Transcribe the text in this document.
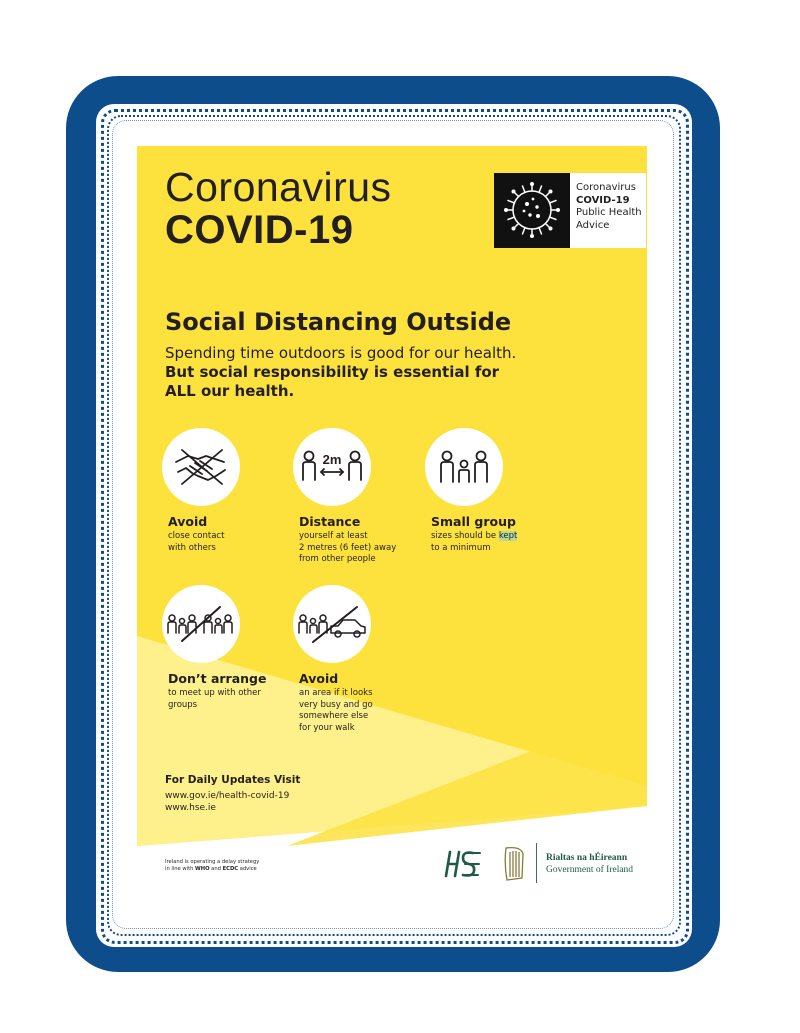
Coronavirus
COVID-19
Coronavirus
COVID-19
Public Health
Advice
Social Distancing Outside
Spending time outdoors is good for our health.
But social responsibility is essential for
ALL our health.
Avoid
close contact
with others
2m
Distance
yourself at least
2 metres (6 feet) away
from other people
Small group
sizes should be kept
to a minimum
Don’t arrange
to meet up with other
groups
Avoid
an area if it looks
very busy and go
somewhere else
for your walk
For Daily Updates Visit
www.gov.ie/health-covid-19
www.hse.ie
Ireland is operating a delay strategy
in line with WHO and ECDC advice
Rialtas na hÉireann
Government of Ireland
